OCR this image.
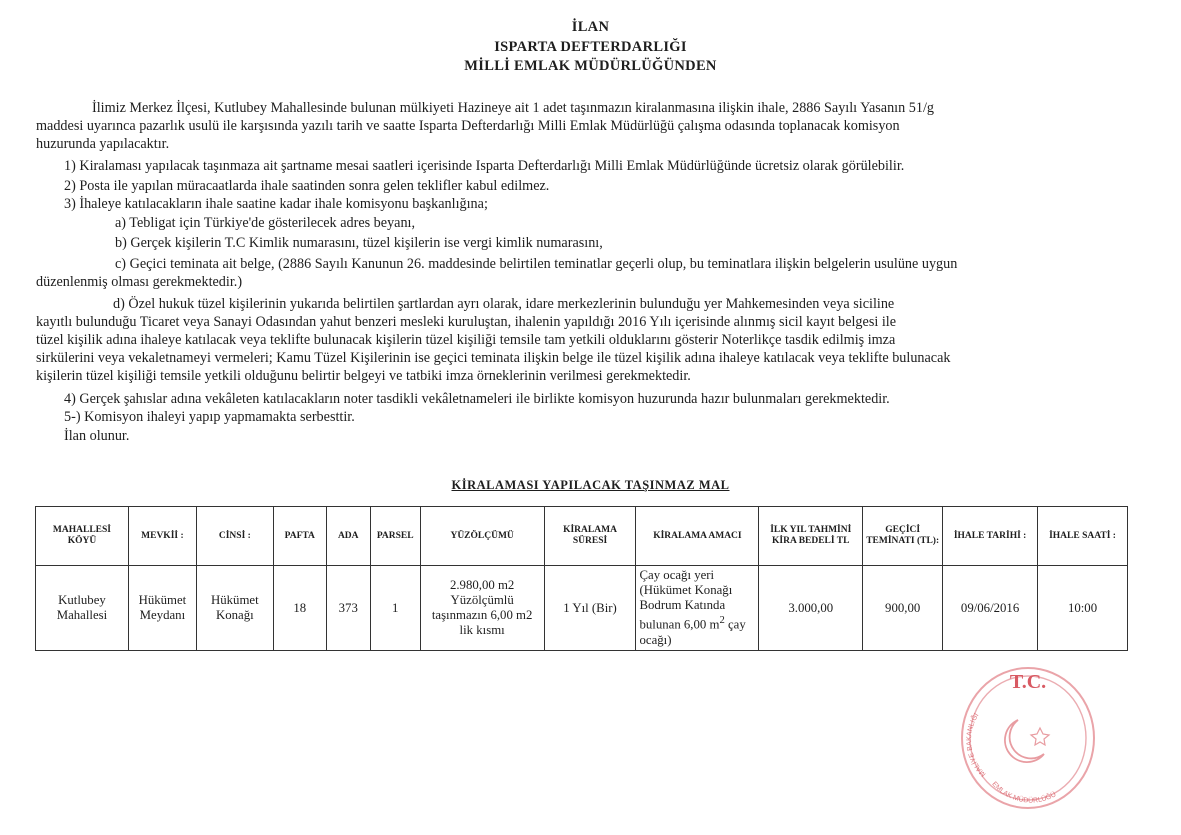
İLAN
ISPARTA DEFTERDARLIĞI
MİLLİ EMLAK MÜDÜRLÜĞÜNDEN
İlimiz Merkez İlçesi, Kutlubey Mahallesinde bulunan mülkiyeti Hazineye ait 1 adet taşınmazın kiralanmasına ilişkin ihale, 2886 Sayılı Yasanın 51/g
maddesi uyarınca pazarlık usulü ile karşısında yazılı tarih ve saatte Isparta Defterdarlığı Milli Emlak Müdürlüğü çalışma odasında toplanacak komisyon
huzurunda yapılacaktır.
1) Kiralaması yapılacak taşınmaza ait şartname mesai saatleri içerisinde Isparta Defterdarlığı Milli Emlak Müdürlüğünde ücretsiz olarak görülebilir.
2) Posta ile yapılan müracaatlarda ihale saatinden sonra gelen teklifler kabul edilmez.
3) İhaleye katılacakların ihale saatine kadar ihale komisyonu başkanlığına;
a) Tebligat için Türkiye'de gösterilecek adres beyanı,
b) Gerçek kişilerin T.C Kimlik numarasını, tüzel kişilerin ise vergi kimlik numarasını,
c) Geçici teminata ait belge, (2886 Sayılı Kanunun 26. maddesinde belirtilen teminatlar geçerli olup, bu teminatlara ilişkin belgelerin usulüne uygun
düzenlenmiş olması gerekmektedir.)
d) Özel hukuk tüzel kişilerinin yukarıda belirtilen şartlardan ayrı olarak, idare merkezlerinin bulunduğu yer Mahkemesinden veya siciline
kayıtlı bulunduğu Ticaret veya Sanayi Odasından yahut benzeri mesleki kuruluştan, ihalenin yapıldığı 2016 Yılı içerisinde alınmış sicil kayıt belgesi ile
tüzel kişilik adına ihaleye katılacak veya teklifte bulunacak kişilerin tüzel kişiliği temsile tam yetkili olduklarını gösterir Noterlikçe tasdik edilmiş imza
sirkülerini veya vekaletnameyi vermeleri; Kamu Tüzel Kişilerinin ise geçici teminata ilişkin belge ile tüzel kişilik adına ihaleye katılacak veya teklifte bulunacak
kişilerin tüzel kişiliği temsile yetkili olduğunu belirtir belgeyi ve tatbiki imza örneklerinin verilmesi gerekmektedir.
4) Gerçek şahıslar adına vekâleten katılacakların noter tasdikli vekâletnameleri ile birlikte komisyon huzurunda hazır bulunmaları gerekmektedir.
5-) Komisyon ihaleyi yapıp yapmamakta serbesttir.
İlan olunur.
KİRALAMASI YAPILACAK TAŞINMAZ MAL
MAHALLESİ KÖYÜ	MEVKİİ :	CİNSİ :	PAFTA	ADA	PARSEL	YÜZÖLÇÜMÜ	KİRALAMA SÜRESİ	KİRALAMA AMACI	İLK YIL TAHMİNİ KİRA BEDELİ TL	GEÇİCİ TEMİNATI (TL):	İHALE TARİHİ :	İHALE SAATİ :
Kutlubey Mahallesi	Hükümet Meydanı	Hükümet Konağı	18	373	1	2.980,00 m2 Yüzölçümlü taşınmazın 6,00 m2 lik kısmı	1 Yıl (Bir)	Çay ocağı yeri (Hükümet Konağı Bodrum Katında bulunan 6,00 $m^2$ çay ocağı)	3.000,00	900,00	09/06/2016	10:00
T.C.
MALİYE BAKANLIĞI
EMLAK MÜDÜRLÜĞÜ
